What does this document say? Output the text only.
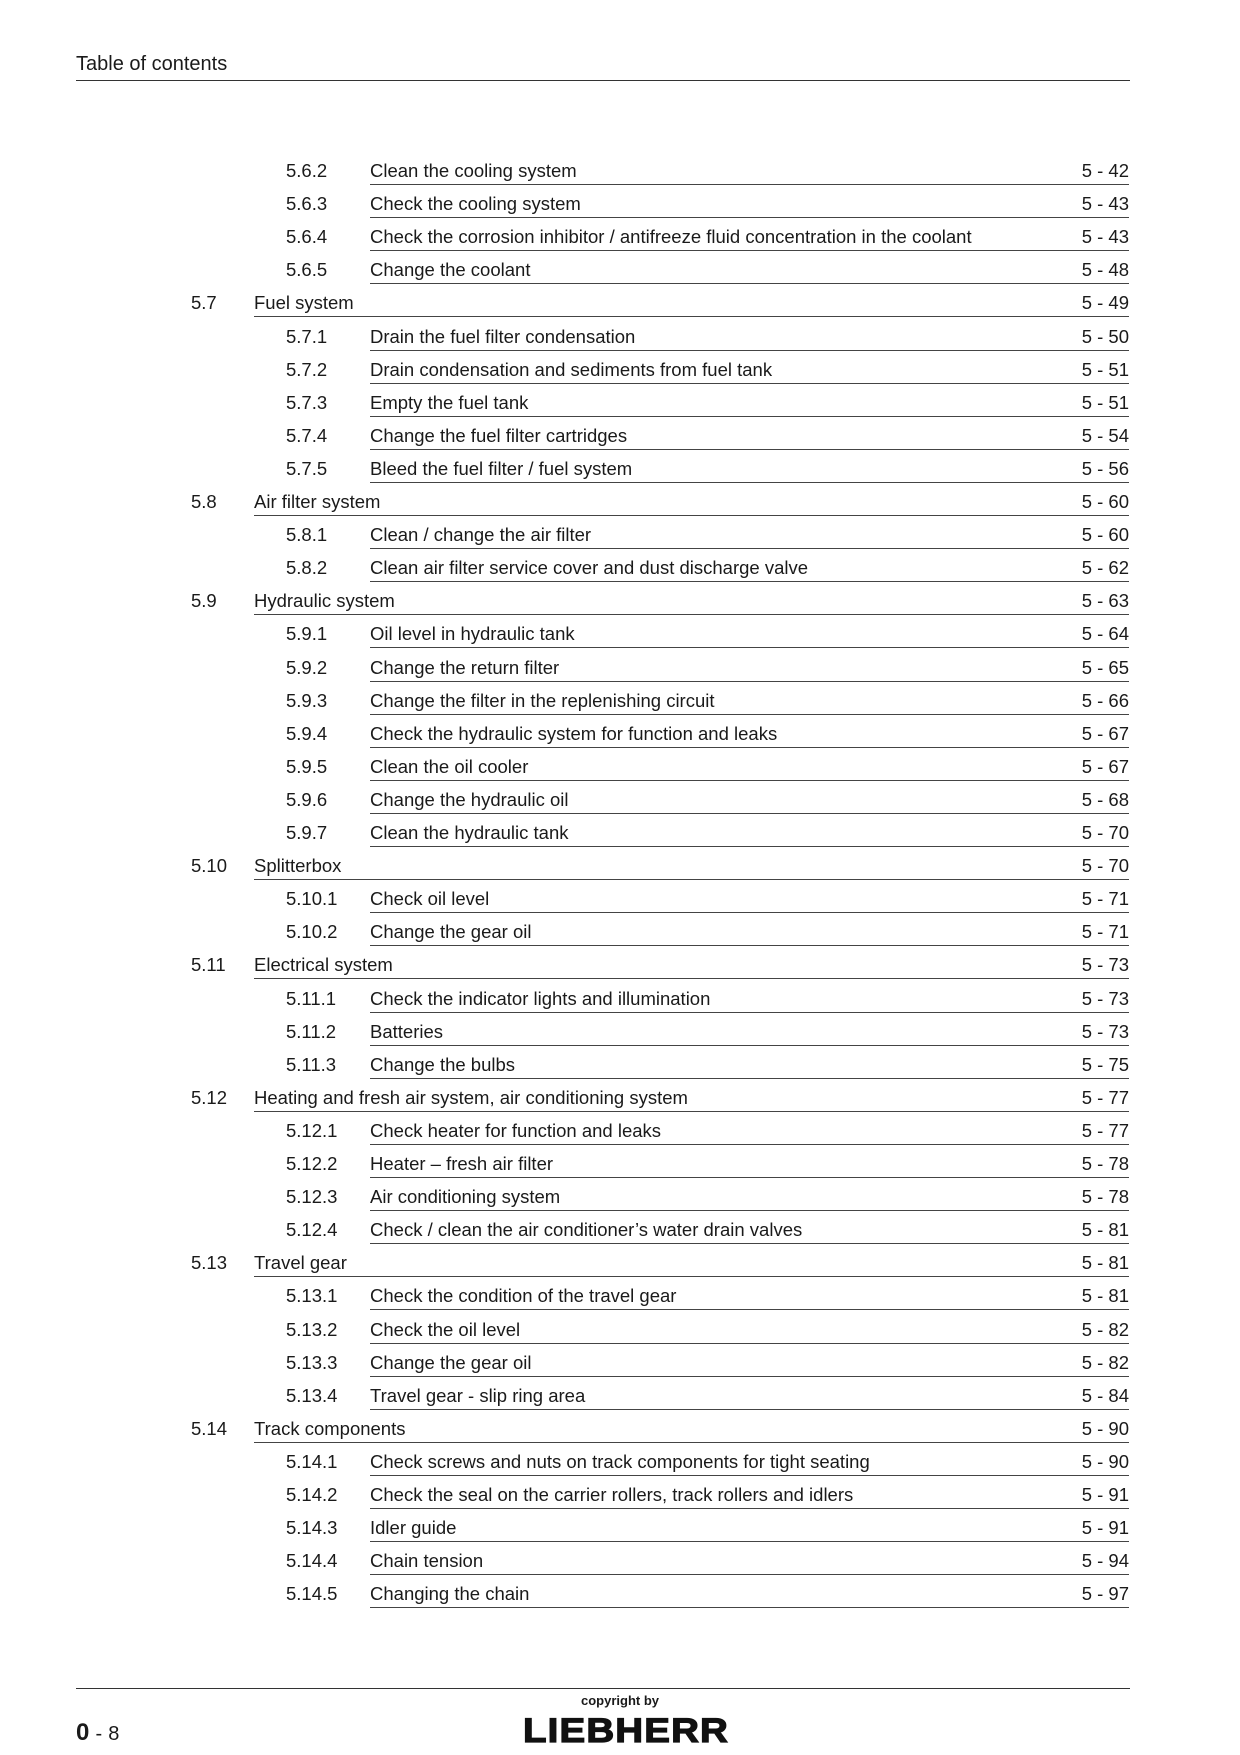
Table of contents
5.6.2 Clean the cooling system	5 - 42
5.6.3 Check the cooling system	5 - 43
5.6.4 Check the corrosion inhibitor / antifreeze fluid concentration in the coolant	5 - 43
5.6.5 Change the coolant	5 - 48
5.7 Fuel system	5 - 49
5.7.1 Drain the fuel filter condensation	5 - 50
5.7.2 Drain condensation and sediments from fuel tank	5 - 51
5.7.3 Empty the fuel tank	5 - 51
5.7.4 Change the fuel filter cartridges	5 - 54
5.7.5 Bleed the fuel filter / fuel system	5 - 56
5.8 Air filter system	5 - 60
5.8.1 Clean / change the air filter	5 - 60
5.8.2 Clean air filter service cover and dust discharge valve	5 - 62
5.9 Hydraulic system	5 - 63
5.9.1 Oil level in hydraulic tank	5 - 64
5.9.2 Change the return filter	5 - 65
5.9.3 Change the filter in the replenishing circuit	5 - 66
5.9.4 Check the hydraulic system for function and leaks	5 - 67
5.9.5 Clean the oil cooler	5 - 67
5.9.6 Change the hydraulic oil	5 - 68
5.9.7 Clean the hydraulic tank	5 - 70
5.10 Splitterbox	5 - 70
5.10.1 Check oil level	5 - 71
5.10.2 Change the gear oil	5 - 71
5.11 Electrical system	5 - 73
5.11.1 Check the indicator lights and illumination	5 - 73
5.11.2 Batteries	5 - 73
5.11.3 Change the bulbs	5 - 75
5.12 Heating and fresh air system, air conditioning system	5 - 77
5.12.1 Check heater for function and leaks	5 - 77
5.12.2 Heater – fresh air filter	5 - 78
5.12.3 Air conditioning system	5 - 78
5.12.4 Check / clean the air conditioner’s water drain valves	5 - 81
5.13 Travel gear	5 - 81
5.13.1 Check the condition of the travel gear	5 - 81
5.13.2 Check the oil level	5 - 82
5.13.3 Change the gear oil	5 - 82
5.13.4 Travel gear - slip ring area	5 - 84
5.14 Track components	5 - 90
5.14.1 Check screws and nuts on track components for tight seating	5 - 90
5.14.2 Check the seal on the carrier rollers, track rollers and idlers	5 - 91
5.14.3 Idler guide	5 - 91
5.14.4 Chain tension	5 - 94
5.14.5 Changing the chain	5 - 97
0 - 8
copyright by
LIEBHERR
